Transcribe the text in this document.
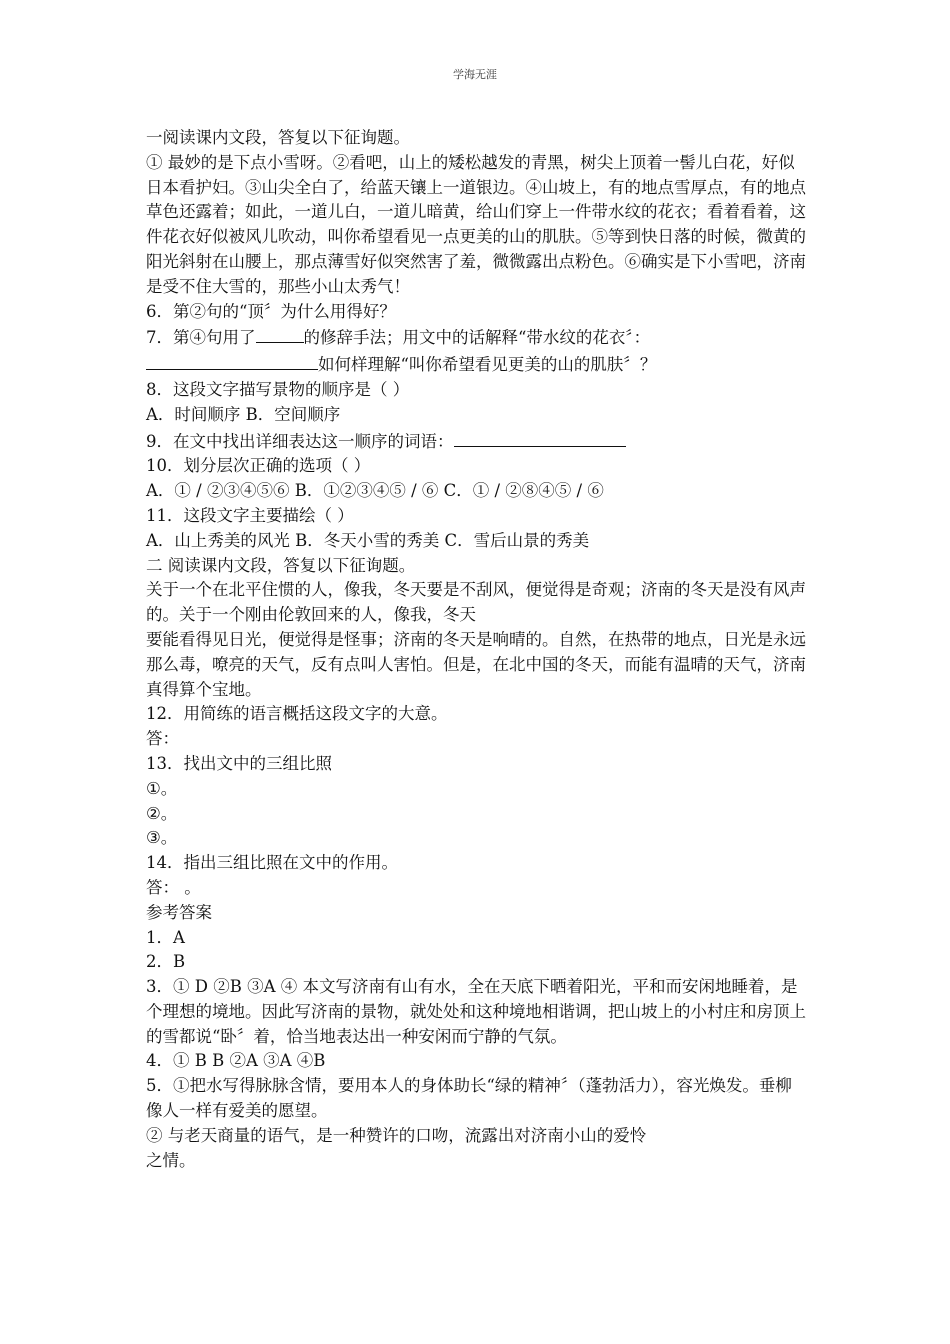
学海无涯

一阅读课内文段，答复以下征询题。

① 最妙的是下点小雪呀。②看吧，山上的矮松越发的青黑，树尖上顶着一髻儿白花，好似日本看护妇。③山尖全白了，给蓝天镶上一道银边。④山坡上，有的地点雪厚点，有的地点草色还露着；如此，一道儿白，一道儿暗黄，给山们穿上一件带水纹的花衣；看着看着，这件花衣好似被风儿吹动，叫你希望看见一点更美的山的肌肤。⑤等到快日落的时候，微黄的阳光斜射在山腰上，那点薄雪好似突然害了羞，微微露出点粉色。⑥确实是下小雪吧，济南是受不住大雪的，那些小山太秀气！

6．第②句的“顶〞为什么用得好？

7．第④句用了	的修辞手法；用文中的话解释“带水纹的花衣〞：如何样理解“叫你希望看见更美的山的肌肤〞？

8．这段文字描写景物的顺序是（ ）

A．时间顺序 B．空间顺序

9．在文中找出详细表达这一顺序的词语：

10．划分层次正确的选项（ ）

A．① / ②③④⑤⑥ B．①②③④⑤ / ⑥ C．① / ②⑧④⑤ / ⑥

11．这段文字主要描绘（ ）

A．山上秀美的风光 B．冬天小雪的秀美 C．雪后山景的秀美

二 阅读课内文段，答复以下征询题。

关于一个在北平住惯的人，像我，冬天要是不刮风，便觉得是奇观；济南的冬天是没有风声的。关于一个刚由伦敦回来的人，像我，冬天

要能看得见日光，便觉得是怪事；济南的冬天是响晴的。自然，在热带的地点，日光是永远那么毒，嘹亮的天气，反有点叫人害怕。但是，在北中国的冬天，而能有温晴的天气，济南真得算个宝地。

12．用简练的语言概括这段文字的大意。

答：

13．找出文中的三组比照

①。

②。

③。

14．指出三组比照在文中的作用。

答： 。

参考答案

1．A

2．B

3．① D ②B ③A ④ 本文写济南有山有水，全在天底下晒着阳光，平和而安闲地睡着，是个理想的境地。因此写济南的景物，就处处和这种境地相谐调，把山坡上的小村庄和房顶上的雪都说“卧〞着，恰当地表达出一种安闲而宁静的气氛。

4．① B B ②A ③A ④B

5．①把水写得脉脉含情，要用本人的身体助长“绿的精神〞（蓬勃活力），容光焕发。垂柳像人一样有爱美的愿望。

② 与老天商量的语气，是一种赞许的口吻，流露出对济南小山的爱怜

之情。
